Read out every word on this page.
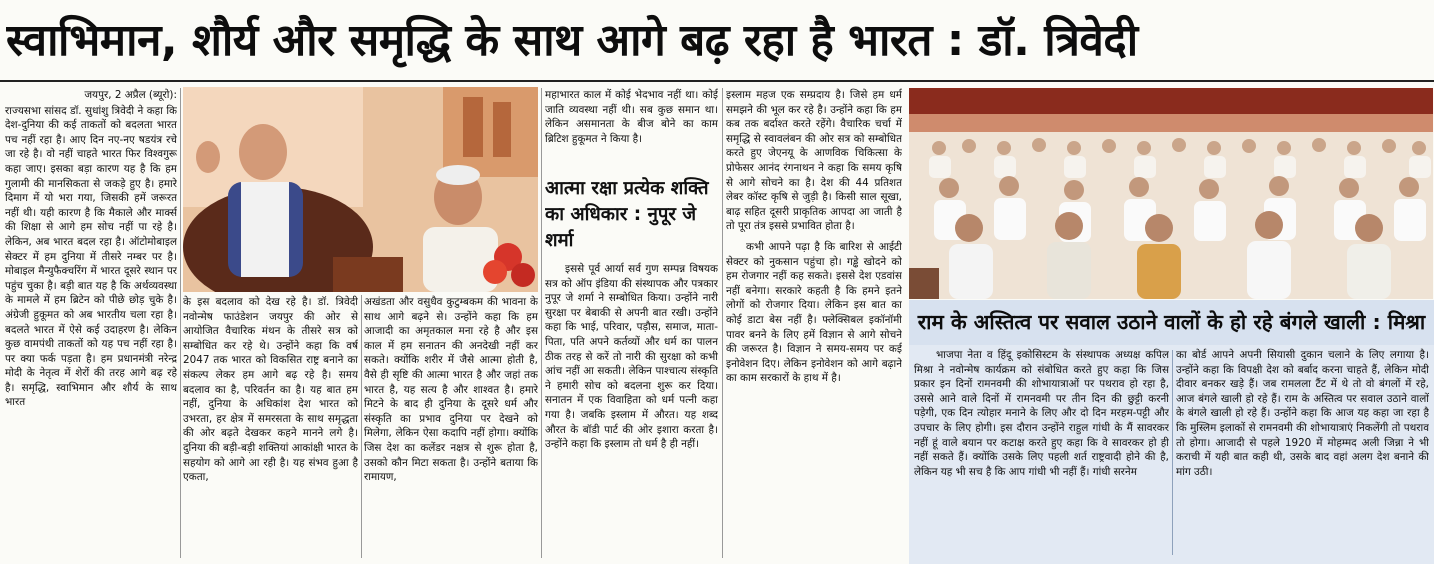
स्वाभिमान, शौर्य और समृद्धि के साथ आगे बढ़ रहा है भारत : डॉ. त्रिवेदी

जयपुर, 2 अप्रैल (ब्यूरो):

राज्यसभा सांसद डॉ. सुधांशु त्रिवेदी ने कहा कि देश-दुनिया की कई ताकतों को बदलता भारत पच नहीं रहा है। आए दिन नए-नए षडयंत्र रचे जा रहे है। वो नहीं चाहते भारत फिर विश्वगुरू कहा जाए। इसका बड़ा कारण यह है कि हम गुलामी की मानसिकता से जकड़े हुए है। हमारे दिमाग में यो भरा गया, जिसकी हमें जरूरत नहीं थी। यही कारण है कि मैकाले और मार्क्स की शिक्षा से आगे हम सोच नहीं पा रहे है। लेकिन, अब भारत बदल रहा है। ऑटोमोबाइल सेक्टर में हम दुनिया में तीसरे नम्बर पर है। मोबाइल मैन्युफैक्चरिंग में भारत दूसरे स्थान पर पहुंच चुका है। बड़ी बात यह है कि अर्थव्यवस्था के मामले में हम ब्रिटेन को पीछे छोड़ चुके है। अंग्रेजी हुकूमत को अब भारतीय चला रहा है। बदलते भारत में ऐसे कई उदाहरण है। लेकिन कुछ वामपंथी ताकतों को यह पच नहीं रहा है। पर क्या फर्क पड़ता है। हम प्रधानमंत्री नरेन्द्र मोदी के नेतृत्व में शेरों की तरह आगे बढ़ रहे है। समृद्धि, स्वाभिमान और शौर्य के साथ भारत

के इस बदलाव को देख रहे है। डॉ. त्रिवेदी नवोन्मेष फाउंडेशन जयपुर की ओर से आयोजित वैचारिक मंथन के तीसरे सत्र को सम्बोधित कर रहे थे। उन्होंने कहा कि वर्ष 2047 तक भारत को विकसित राष्ट्र बनाने का संकल्प लेकर हम आगे बढ़ रहे है। समय बदलाव का है, परिवर्तन का है। यह बात हम नहीं, दुनिया के अधिकांश देश भारत को उभरता, हर क्षेत्र में समरसता के साथ समृद्धता की ओर बढ़ते देखकर कहने मानने लगे है। दुनिया की बड़ी-बड़ी शक्तियां आकांक्षी भारत के सहयोग को आगे आ रही है। यह संभव हुआ है एकता,

अखंडता और वसुधैव कुटुम्बकम की भावना के साथ आगे बढ़ने से। उन्होंने कहा कि हम आजादी का अमृतकाल मना रहे है और इस काल में हम सनातन की अनदेखी नहीं कर सकते। क्योंकि शरीर में जैसे आत्मा होती है, वैसे ही सृष्टि की आत्मा भारत है और जहां तक भारत है, यह सत्य है और शाश्वत है। हमारे मिटने के बाद ही दुनिया के दूसरे धर्म और संस्कृति का प्रभाव दुनिया पर देखने को मिलेगा, लेकिन ऐसा कदापि नहीं होगा। क्योंकि जिस देश का कलेंडर नक्षत्र से शुरू होता है, उसको कौन मिटा सकता है। उन्होंने बताया कि रामायण,

महाभारत काल में कोई भेदभाव नहीं था। कोई जाति व्यवस्था नहीं थी। सब कुछ समान था। लेकिन असमानता के बीज बोने का काम ब्रिटिश हुकूमत ने किया है।

आत्मा रक्षा प्रत्येक शक्ति का अधिकार : नुपूर जे शर्मा

इससे पूर्व आर्या सर्व गुण सम्पन्न विषयक सत्र को ऑप इंडिया की संस्थापक और पत्रकार नुपूर जे शर्मा ने सम्बोधित किया। उन्होंने नारी सुरक्षा पर बेबाकी से अपनी बात रखी। उन्होंने कहा कि भाई, परिवार, पड़ौस, समाज, माता-पिता, पति अपने कर्तव्यों और धर्म का पालन ठीक तरह से करें तो नारी की सुरक्षा को कभी आंच नहीं आ सकती। लेकिन पाश्चात्य संस्कृति ने हमारी सोच को बदलना शुरू कर दिया। सनातन में एक विवाहिता को धर्म पत्नी कहा गया है। जबकि इस्लाम में औरत। यह शब्द औरत के बॉडी पार्ट की ओर इशारा करता है। उन्होंने कहा कि इस्लाम तो धर्म है ही नहीं।

इस्लाम महज एक सम्प्रदाय है। जिसे हम धर्म समझने की भूल कर रहे है। उन्होंने कहा कि हम कब तक बर्दाश्त करते रहेंगे। वैचारिक चर्चा में समृद्धि से स्वावलंबन की ओर सत्र को सम्बोधित करते हुए जेएनयू के आणविक चिकित्सा के प्रोफेसर आनंद रंगनाथन ने कहा कि समय कृषि से आगे सोचने का है। देश की 44 प्रतिशत लेबर कॉस्ट कृषि से जुड़ी है। किसी साल सूखा, बाढ़ सहित दूसरी प्राकृतिक आपदा आ जाती है तो पूरा तंत्र इससे प्रभावित होता है।

कभी आपने पढ़ा है कि बारिश से आईटी सेक्टर को नुकसान पहुंचा हो। गड्ढे खोदने को हम रोजगार नहीं कह सकते। इससे देश एडवांस नहीं बनेगा। सरकारे कहती है कि हमने इतने लोगों को रोजगार दिया। लेकिन इस बात का कोई डाटा बेस नहीं है। फ्लेक्सिबल इकॉनॉमी पावर बनने के लिए हमें विज्ञान से आगे सोचने की जरूरत है। विज्ञान ने समय-समय पर कई इनोवेशन दिए। लेकिन इनोवेशन को आगे बढ़ाने का काम सरकारों के हाथ में है।

राम के अस्तित्व पर सवाल उठाने वालों के हो रहे बंगले खाली : मिश्रा

भाजपा नेता व हिंदू इकोसिस्टम के संस्थापक अध्यक्ष कपिल मिश्रा ने नवोन्मेष कार्यक्रम को संबोधित करते हुए कहा कि जिस प्रकार इन दिनों रामनवमी की शोभायात्राओं पर पथराव हो रहा है, उससे आने वाले दिनों में रामनवमी पर तीन दिन की छुट्टी करनी पड़ेगी, एक दिन त्योहार मनाने के लिए और दो दिन मरहम-पट्टी और उपचार के लिए होगी। इस दौरान उन्होंने राहुल गांधी के मैं सावरकर नहीं हूं वाले बयान पर कटाक्ष करते हुए कहा कि वे सावरकर हो ही नहीं सकते हैं। क्योंकि उसके लिए पहली शर्त राष्ट्रवादी होने की है, लेकिन यह भी सच है कि आप गांधी भी नहीं हैं। गांधी सरनेम

का बोर्ड आपने अपनी सियासी दुकान चलाने के लिए लगाया है। उन्होंने कहा कि विपक्षी देश को बर्बाद करना चाहते हैं, लेकिन मोदी दीवार बनकर खड़े हैं। जब रामलला टैंट में थे तो वो बंगलों में रहे, आज बंगले खाली हो रहे हैं। राम के अस्तित्व पर सवाल उठाने वालों के बंगले खाली हो रहे हैं। उन्होंने कहा कि आज यह कहा जा रहा है कि मुस्लिम इलाकों से रामनवमी की शोभायात्राएं निकलेंगी तो पथराव तो होगा। आजादी से पहले 1920 में मोहम्मद अली जिन्ना ने भी कराची में यही बात कही थी, उसके बाद वहां अलग देश बनाने की मांग उठी।
